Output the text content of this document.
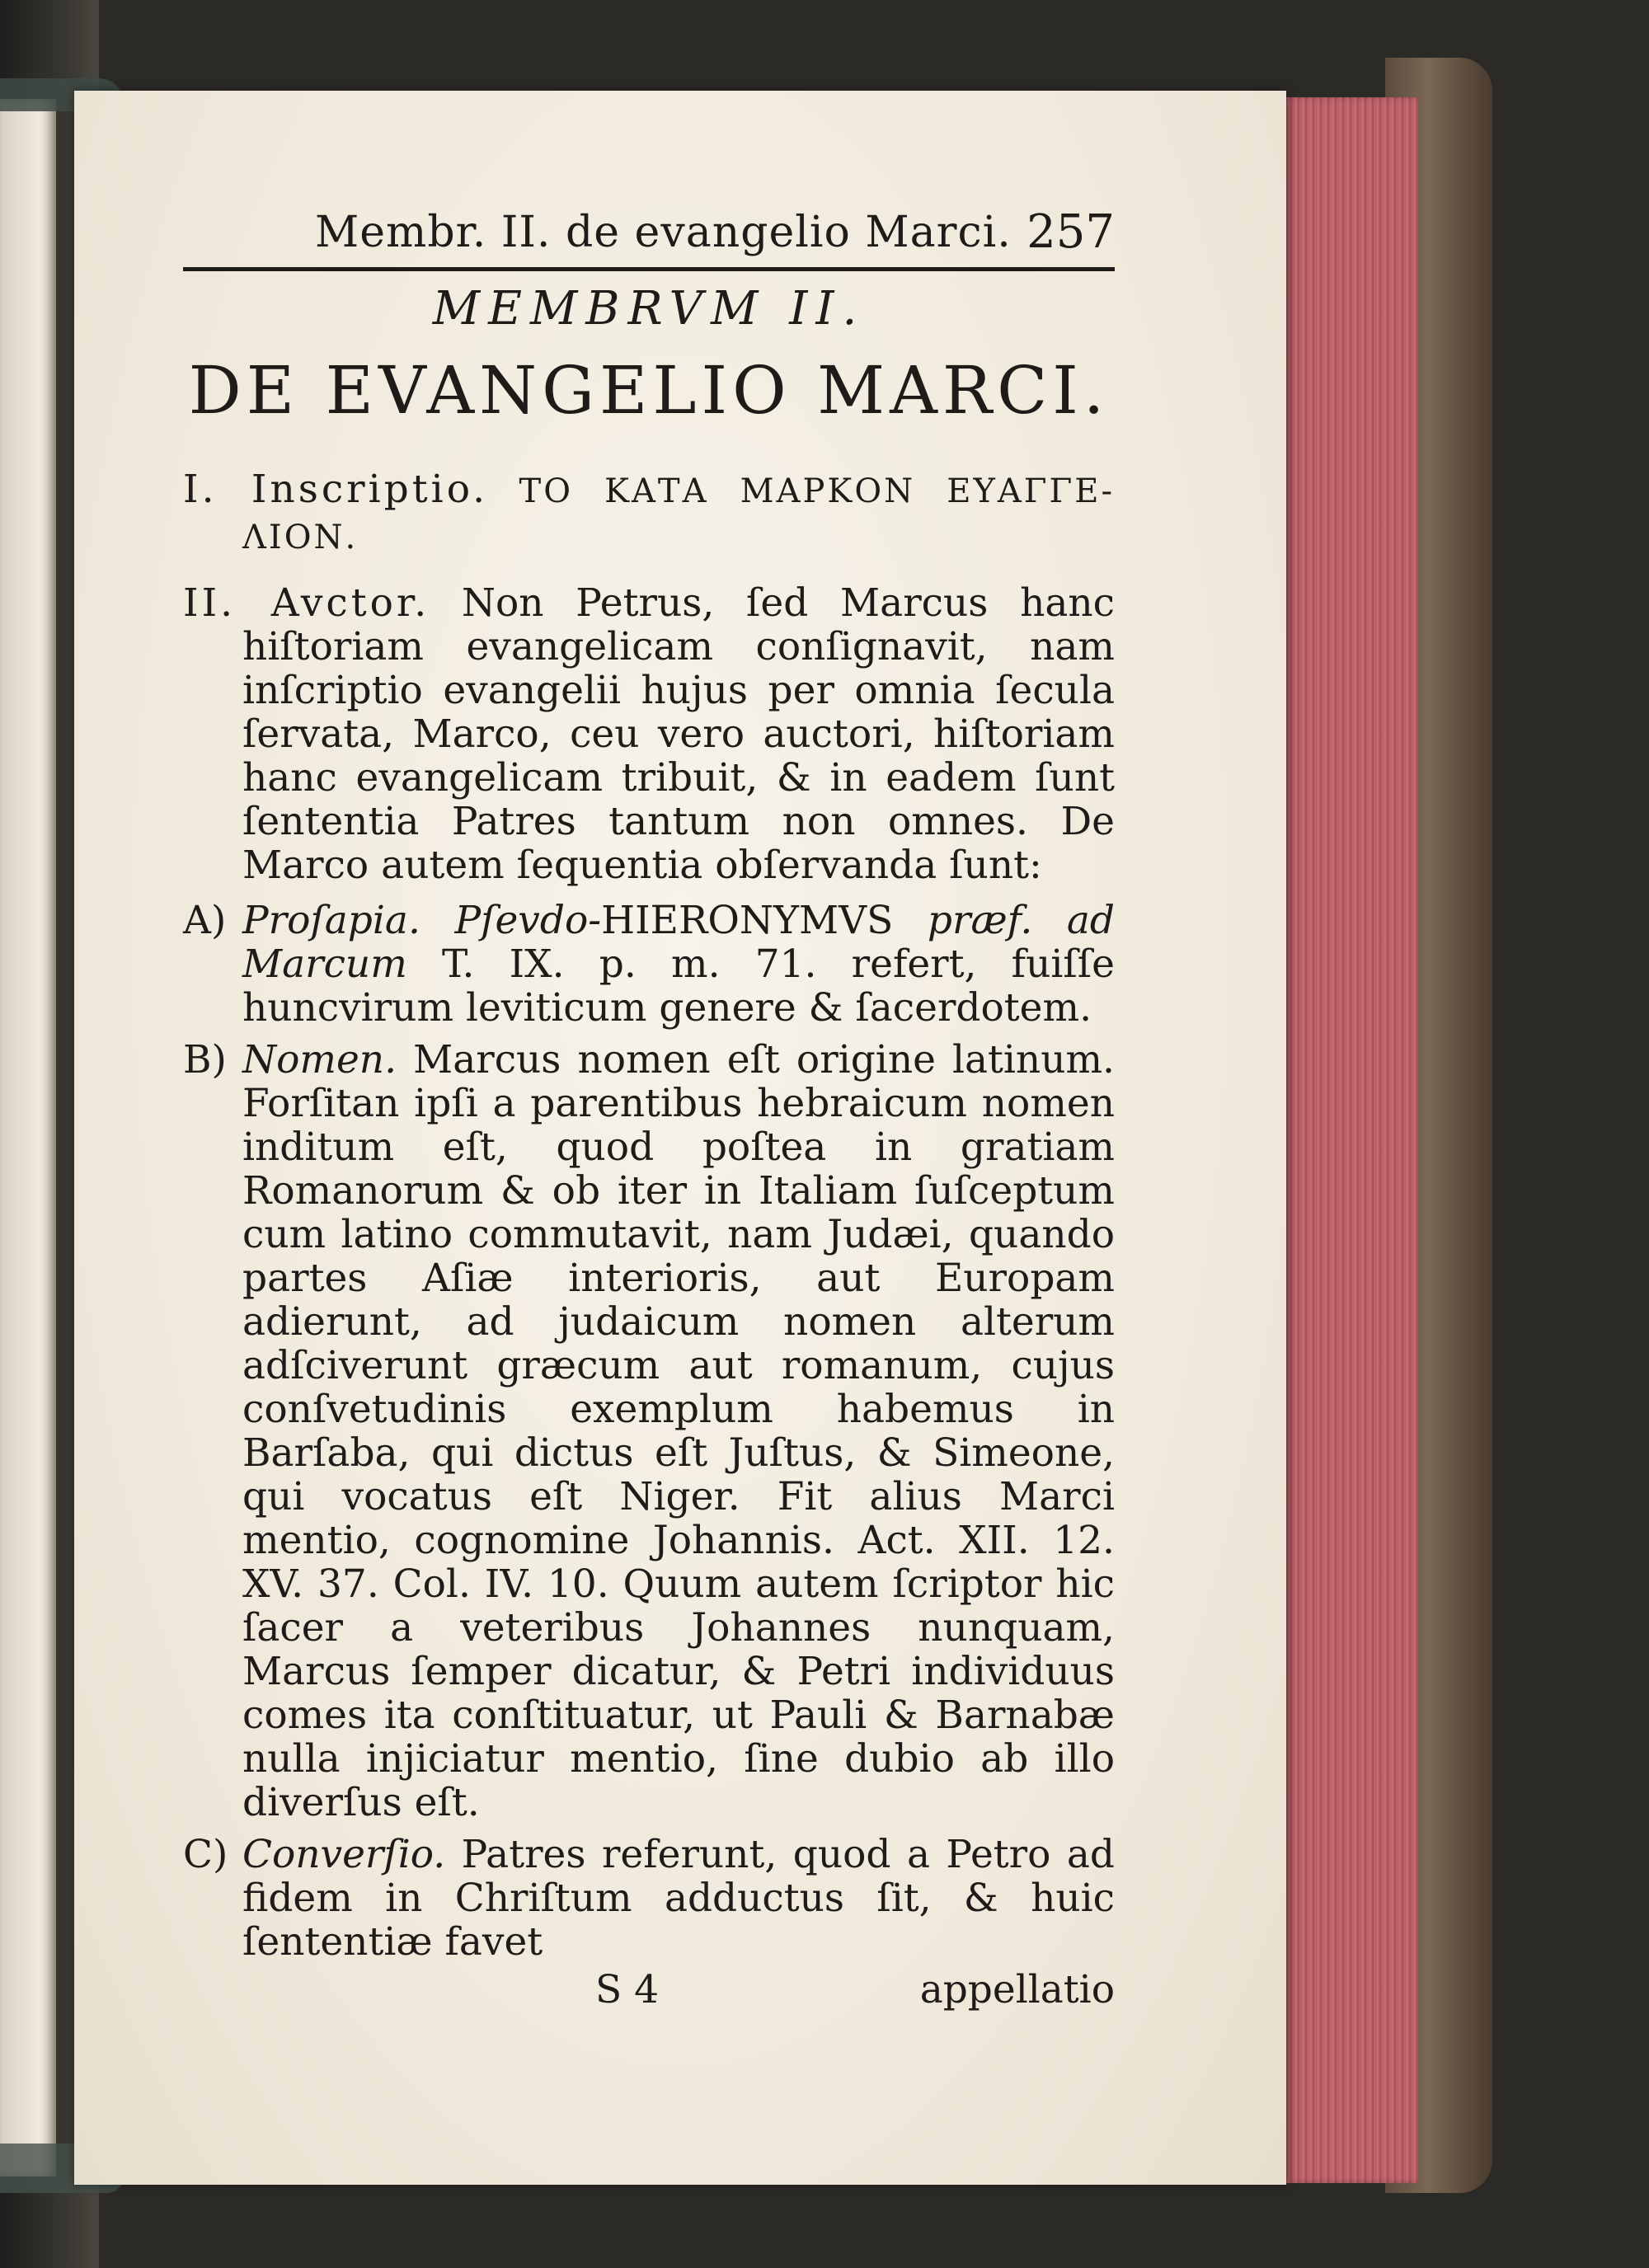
Membr. II. de evangelio Marci. 257
MEMBRVM II.
DE EVANGELIO MARCI.

I. Inscriptio. ΤΟ ΚΑΤΑ ΜΑΡΚΟΝ ΕΥΑΓΓΕ-ΛΙΟΝ.

II. Avctor. Non Petrus, ſed Marcus hanc hiſtoriam evangelicam conſignavit, nam inſcriptio evangelii hujus per omnia ſecula ſervata, Marco, ceu vero auctori, hiſtoriam hanc evangelicam tribuit, & in eadem ſunt ſententia Patres tantum non omnes. De Marco autem ſequentia obſervanda ſunt:

A) Proſapia. Pſevdo-HIERONYMVS præf. ad Marcum T. IX. p. m. 71. refert, fuiſſe huncvirum leviticum genere & ſacerdotem.

B) Nomen. Marcus nomen eſt origine latinum. Forſitan ipſi a parentibus hebraicum nomen inditum eſt, quod poſtea in gratiam Romanorum & ob iter in Italiam ſuſceptum cum latino commutavit, nam Judæi, quando partes Aſiæ interioris, aut Europam adierunt, ad judaicum nomen alterum adſciverunt græcum aut romanum, cujus conſvetudinis exemplum habemus in Barſaba, qui dictus eſt Juſtus, & Simeone, qui vocatus eſt Niger. Fit alius Marci mentio, cognomine Johannis. Act. XII. 12. XV. 37. Col. IV. 10. Quum autem ſcriptor hic ſacer a veteribus Johannes nunquam, Marcus ſemper dicatur, & Petri individuus comes ita conſtituatur, ut Pauli & Barnabæ nulla injiciatur mentio, ſine dubio ab illo diverſus eſt.

C) Converſio. Patres referunt, quod a Petro ad fidem in Chriſtum adductus ſit, & huic ſententiæ favet

S 4	appellatio
